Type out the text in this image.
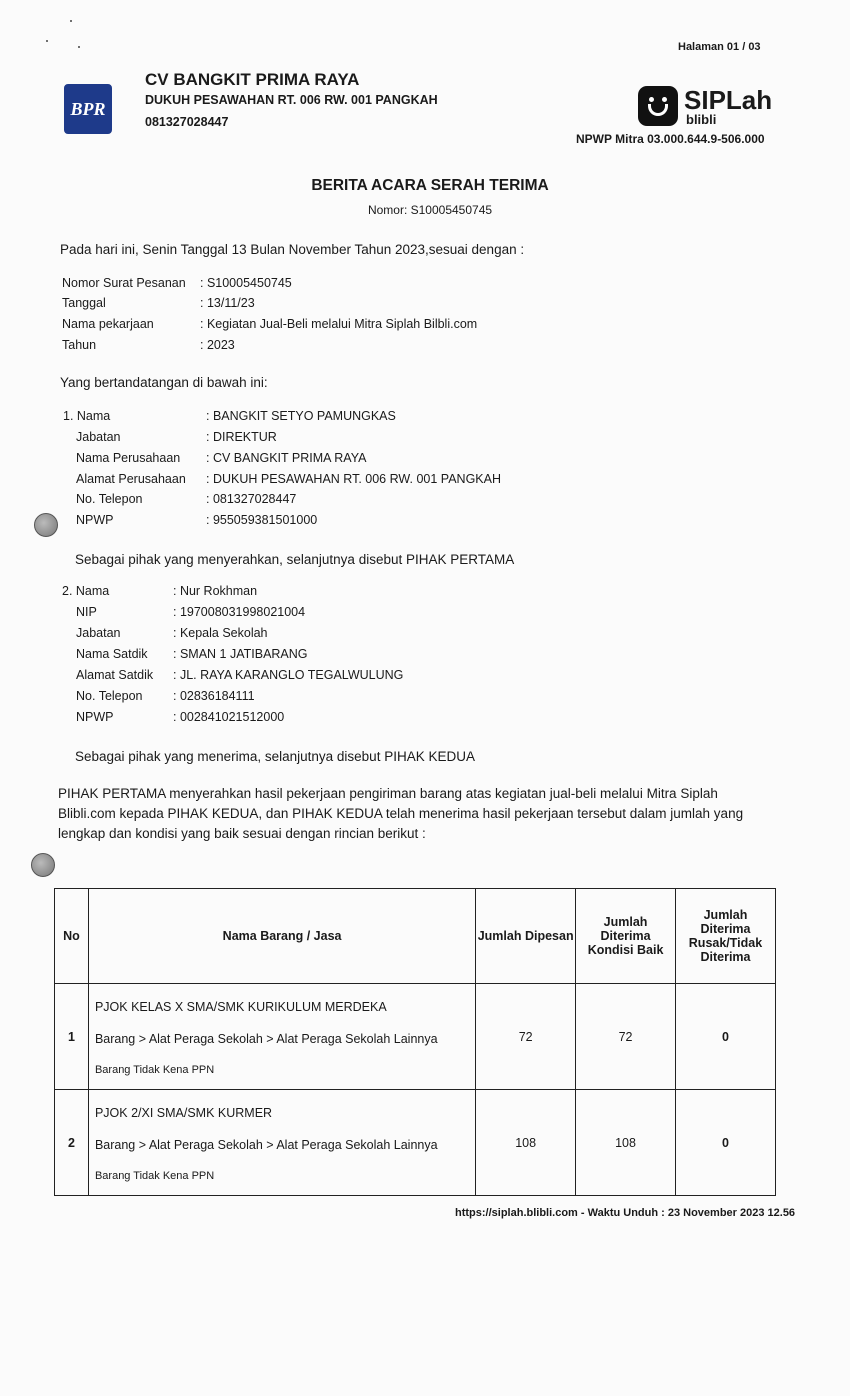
Halaman 01 / 03
BPR
CV BANGKIT PRIMA RAYA
DUKUH PESAWAHAN RT. 006 RW. 001 PANGKAH
081327028447
SIPLah
blibli
NPWP Mitra 03.000.644.9-506.000
BERITA ACARA SERAH TERIMA
Nomor: S10005450745
Pada hari ini, Senin Tanggal 13 Bulan November Tahun 2023,sesuai dengan :
Nomor Surat Pesanan : S10005450745
Tanggal	: 13/11/23
Nama pekarjaan	: Kegiatan Jual-Beli melalui Mitra Siplah Bilbli.com
Tahun	: 2023
Yang bertandatangan di bawah ini:
1. Nama	: BANGKIT SETYO PAMUNGKAS
Jabatan	: DIREKTUR
Nama Perusahaan : CV BANGKIT PRIMA RAYA
Alamat Perusahaan : DUKUH PESAWAHAN RT. 006 RW. 001 PANGKAH
No. Telepon	: 081327028447
NPWP	: 955059381501000
Sebagai pihak yang menyerahkan, selanjutnya disebut PIHAK PERTAMA
2. Nama	: Nur Rokhman
NIP	: 197008031998021004
Jabatan	: Kepala Sekolah
Nama Satdik : SMAN 1 JATIBARANG
Alamat Satdik : JL. RAYA KARANGLO TEGALWULUNG
No. Telepon : 02836184111
NPWP	: 002841021512000
Sebagai pihak yang menerima, selanjutnya disebut PIHAK KEDUA
PIHAK PERTAMA menyerahkan hasil pekerjaan pengiriman barang atas kegiatan jual-beli melalui Mitra Siplah
Blibli.com kepada PIHAK KEDUA, dan PIHAK KEDUA telah menerima hasil pekerjaan tersebut dalam jumlah yang
lengkap dan kondisi yang baik sesuai dengan rincian berikut :
No	Nama Barang / Jasa	Jumlah Dipesan	Jumlah Diterima Kondisi Baik	Jumlah Diterima Rusak/Tidak Diterima
1	PJOK KELAS X SMA/SMK KURIKULUM MERDEKA
Barang > Alat Peraga Sekolah > Alat Peraga Sekolah Lainnya
Barang Tidak Kena PPN	72	72	0
2	PJOK 2/XI SMA/SMK KURMER
Barang > Alat Peraga Sekolah > Alat Peraga Sekolah Lainnya
Barang Tidak Kena PPN	108	108	0
https://siplah.blibli.com - Waktu Unduh : 23 November 2023 12.56
